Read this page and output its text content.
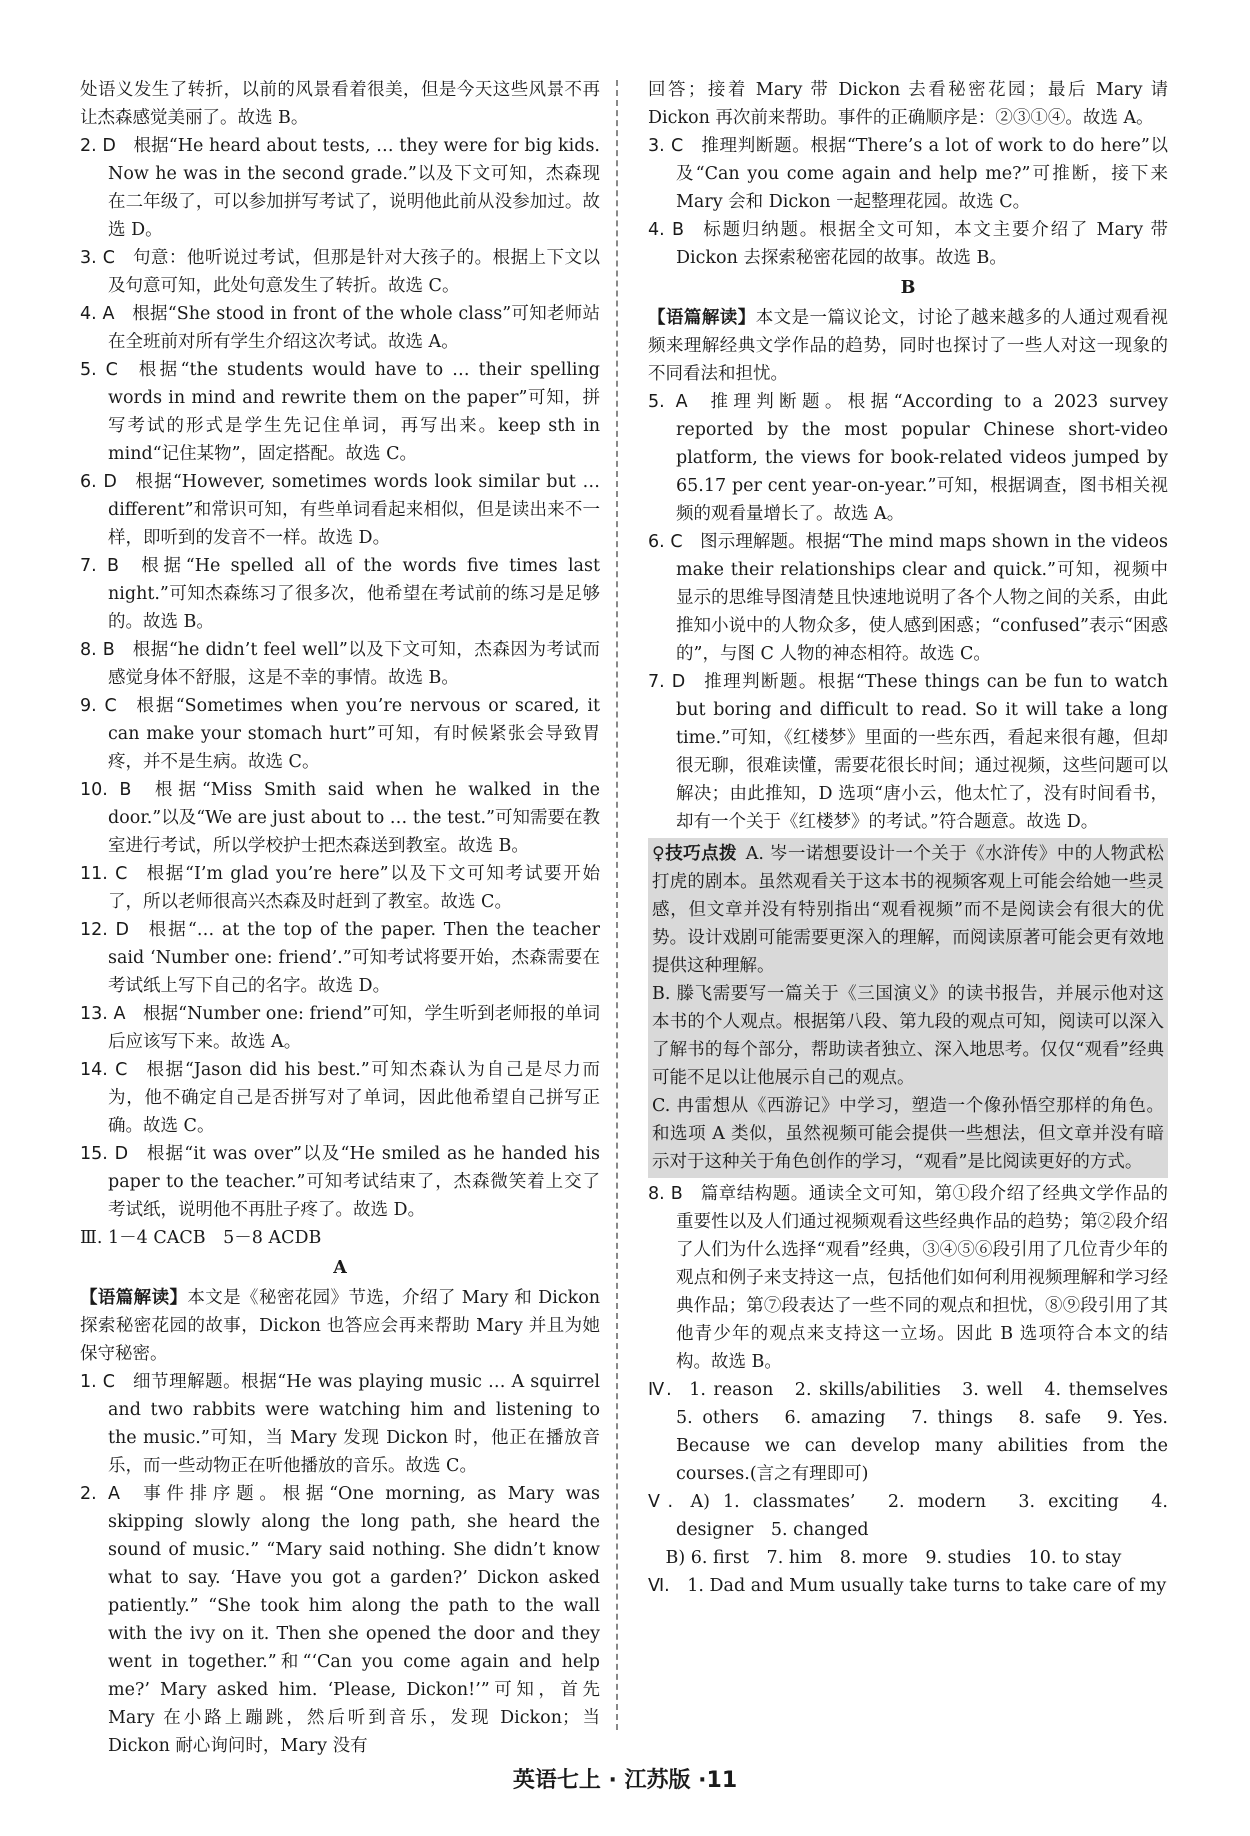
处语义发生了转折，以前的风景看着很美，但是今天这些风景不再让杰森感觉美丽了。故选 B。

2. D  根据“He heard about tests, … they were for big kids. Now he was in the second grade.”以及下文可知，杰森现在二年级了，可以参加拼写考试了，说明他此前从没参加过。故选 D。

3. C  句意：他听说过考试，但那是针对大孩子的。根据上下文以及句意可知，此处句意发生了转折。故选 C。

4. A  根据“She stood in front of the whole class”可知老师站在全班前对所有学生介绍这次考试。故选 A。

5. C  根据“the students would have to … their spelling words in mind and rewrite them on the paper”可知，拼写考试的形式是学生先记住单词，再写出来。keep sth in mind“记住某物”，固定搭配。故选 C。

6. D  根据“However, sometimes words look similar but … different”和常识可知，有些单词看起来相似，但是读出来不一样，即听到的发音不一样。故选 D。

7. B  根据“He spelled all of the words five times last night.”可知杰森练习了很多次，他希望在考试前的练习是足够的。故选 B。

8. B  根据“he didn’t feel well”以及下文可知，杰森因为考试而感觉身体不舒服，这是不幸的事情。故选 B。

9. C  根据“Sometimes when you’re nervous or scared, it can make your stomach hurt”可知，有时候紧张会导致胃疼，并不是生病。故选 C。

10. B  根据“Miss Smith said when he walked in the door.”以及“We are just about to … the test.”可知需要在教室进行考试，所以学校护士把杰森送到教室。故选 B。

11. C  根据“I’m glad you’re here”以及下文可知考试要开始了，所以老师很高兴杰森及时赶到了教室。故选 C。

12. D  根据“… at the top of the paper. Then the teacher said ‘Number one: friend’.”可知考试将要开始，杰森需要在考试纸上写下自己的名字。故选 D。

13. A  根据“Number one: friend”可知，学生听到老师报的单词后应该写下来。故选 A。

14. C  根据“Jason did his best.”可知杰森认为自己是尽力而为，他不确定自己是否拼写对了单词，因此他希望自己拼写正确。故选 C。

15. D  根据“it was over”以及“He smiled as he handed his paper to the teacher.”可知考试结束了，杰森微笑着上交了考试纸，说明他不再肚子疼了。故选 D。

Ⅲ. 1－4 CACB　5－8 ACDB

A

【语篇解读】本文是《秘密花园》节选，介绍了 Mary 和 Dickon 探索秘密花园的故事，Dickon 也答应会再来帮助 Mary 并且为她保守秘密。

1. C  细节理解题。根据“He was playing music … A squirrel and two rabbits were watching him and listening to the music.”可知，当 Mary 发现 Dickon 时，他正在播放音乐，而一些动物正在听他播放的音乐。故选 C。

2. A  事件排序题。根据“One morning, as Mary was skipping slowly along the long path, she heard the sound of music.” “Mary said nothing. She didn’t know what to say. ‘Have you got a garden?’ Dickon asked patiently.” “She took him along the path to the wall with the ivy on it. Then she opened the door and they went in together.”和“‘Can you come again and help me?’ Mary asked him. ‘Please, Dickon!’”可知，首先 Mary 在小路上蹦跳，然后听到音乐，发现 Dickon；当 Dickon 耐心询问时，Mary 没有

回答；接着 Mary 带 Dickon 去看秘密花园；最后 Mary 请 Dickon 再次前来帮助。事件的正确顺序是：②③①④。故选 A。

3. C  推理判断题。根据“There’s a lot of work to do here”以及“Can you come again and help me?”可推断，接下来 Mary 会和 Dickon 一起整理花园。故选 C。

4. B  标题归纳题。根据全文可知，本文主要介绍了 Mary 带 Dickon 去探索秘密花园的故事。故选 B。

B

【语篇解读】本文是一篇议论文，讨论了越来越多的人通过观看视频来理解经典文学作品的趋势，同时也探讨了一些人对这一现象的不同看法和担忧。

5. A  推理判断题。根据“According to a 2023 survey reported by the most popular Chinese short-video platform, the views for book-related videos jumped by 65.17 per cent year-on-year.”可知，根据调查，图书相关视频的观看量增长了。故选 A。

6. C  图示理解题。根据“The mind maps shown in the videos make their relationships clear and quick.”可知，视频中显示的思维导图清楚且快速地说明了各个人物之间的关系，由此推知小说中的人物众多，使人感到困惑；“confused”表示“困惑的”，与图 C 人物的神态相符。故选 C。

7. D  推理判断题。根据“These things can be fun to watch but boring and difficult to read. So it will take a long time.”可知，《红楼梦》里面的一些东西，看起来很有趣，但却很无聊，很难读懂，需要花很长时间；通过视频，这些问题可以解决；由此推知，D 选项“唐小云，他太忙了，没有时间看书，却有一个关于《红楼梦》的考试。”符合题意。故选 D。

♀技巧点拨  A. 岑一诺想要设计一个关于《水浒传》中的人物武松打虎的剧本。虽然观看关于这本书的视频客观上可能会给她一些灵感，但文章并没有特别指出“观看视频”而不是阅读会有很大的优势。设计戏剧可能需要更深入的理解，而阅读原著可能会更有效地提供这种理解。

B. 滕飞需要写一篇关于《三国演义》的读书报告，并展示他对这本书的个人观点。根据第八段、第九段的观点可知，阅读可以深入了解书的每个部分，帮助读者独立、深入地思考。仅仅“观看”经典可能不足以让他展示自己的观点。

C. 冉雷想从《西游记》中学习，塑造一个像孙悟空那样的角色。和选项 A 类似，虽然视频可能会提供一些想法，但文章并没有暗示对于这种关于角色创作的学习，“观看”是比阅读更好的方式。

8. B  篇章结构题。通读全文可知，第①段介绍了经典文学作品的重要性以及人们通过视频观看这些经典作品的趋势；第②段介绍了人们为什么选择“观看”经典，③④⑤⑥段引用了几位青少年的观点和例子来支持这一点，包括他们如何利用视频理解和学习经典作品；第⑦段表达了一些不同的观点和担忧，⑧⑨段引用了其他青少年的观点来支持这一立场。因此 B 选项符合本文的结构。故选 B。

Ⅳ.  1. reason　2. skills/abilities　3. well　4. themselves　5. others　6. amazing　7. things　8. safe　9. Yes. Because we can develop many abilities from the courses.(言之有理即可)

Ⅴ.  A) 1. classmates’　2. modern　3. exciting　4. designer　5. changed

 B) 6. first　7. him　8. more　9. studies　10. to stay

Ⅵ.  1. Dad and Mum usually take turns to take care of my

英语七上 · 江苏版 ·11
